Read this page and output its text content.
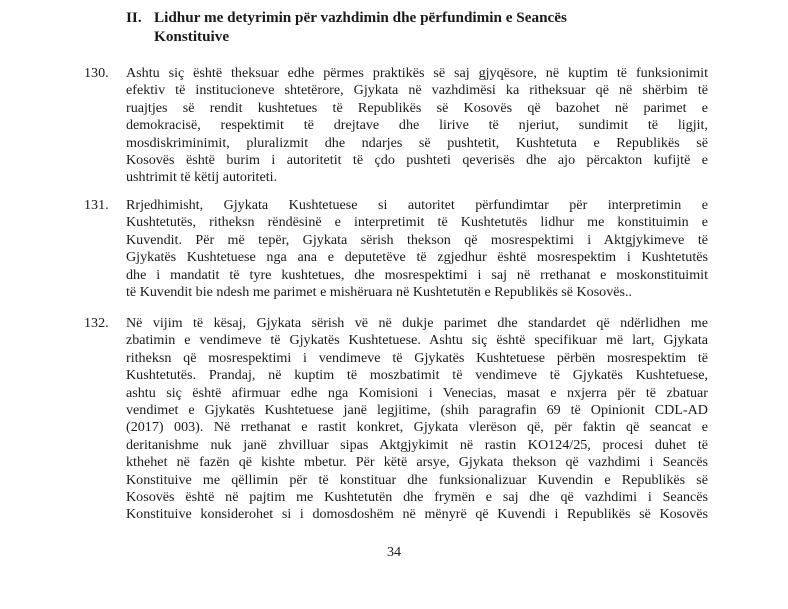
II. Lidhur me detyrimin për vazhdimin dhe përfundimin e Seancës
Konstituive
130.	Ashtu siç është theksuar edhe përmes praktikës së saj gjyqësore, në kuptim të funksionimit
efektiv të institucioneve shtetërore, Gjykata në vazhdimësi ka ritheksuar që në shërbim të
ruajtjes së rendit kushtetues të Republikës së Kosovës që bazohet në parimet e
demokracisë, respektimit të drejtave dhe lirive të njeriut, sundimit të ligjit,
mosdiskriminimit, pluralizmit dhe ndarjes së pushtetit, Kushtetuta e Republikës së
Kosovës është burim i autoritetit të çdo pushteti qeverisës dhe ajo përcakton kufijtë e
ushtrimit të këtij autoriteti.
131.	Rrjedhimisht, Gjykata Kushtetuese si autoritet përfundimtar për interpretimin e
Kushtetutës, ritheksn rëndësinë e interpretimit të Kushtetutës lidhur me konstituimin e
Kuvendit. Për më tepër, Gjykata sërish thekson që mosrespektimi i Aktgjykimeve të
Gjykatës Kushtetuese nga ana e deputetëve të zgjedhur është mosrespektim i Kushtetutës
dhe i mandatit të tyre kushtetues, dhe mosrespektimi i saj në rrethanat e moskonstituimit
të Kuvendit bie ndesh me parimet e mishëruara në Kushtetutën e Republikës së Kosovës..
132.	Në vijim të kësaj, Gjykata sërish vë në dukje parimet dhe standardet që ndërlidhen me
zbatimin e vendimeve të Gjykatës Kushtetuese. Ashtu siç është specifikuar më lart, Gjykata
ritheksn që mosrespektimi i vendimeve të Gjykatës Kushtetuese përbën mosrespektim të
Kushtetutës. Prandaj, në kuptim të moszbatimit të vendimeve të Gjykatës Kushtetuese,
ashtu siç është afirmuar edhe nga Komisioni i Venecias, masat e nxjerra për të zbatuar
vendimet e Gjykatës Kushtetuese janë legjitime, (shih paragrafin 69 të Opinionit CDL-AD
(2017) 003). Në rrethanat e rastit konkret, Gjykata vlerëson që, për faktin që seancat e
deritanishme nuk janë zhvilluar sipas Aktgjykimit në rastin KO124/25, procesi duhet të
kthehet në fazën që kishte mbetur. Për këtë arsye, Gjykata thekson që vazhdimi i Seancës
Konstituive me qëllimin për të konstituar dhe funksionalizuar Kuvendin e Republikës së
Kosovës është në pajtim me Kushtetutën dhe frymën e saj dhe që vazhdimi i Seancës
Konstituive konsiderohet si i domosdoshëm në mënyrë që Kuvendi i Republikës së Kosovës
34
